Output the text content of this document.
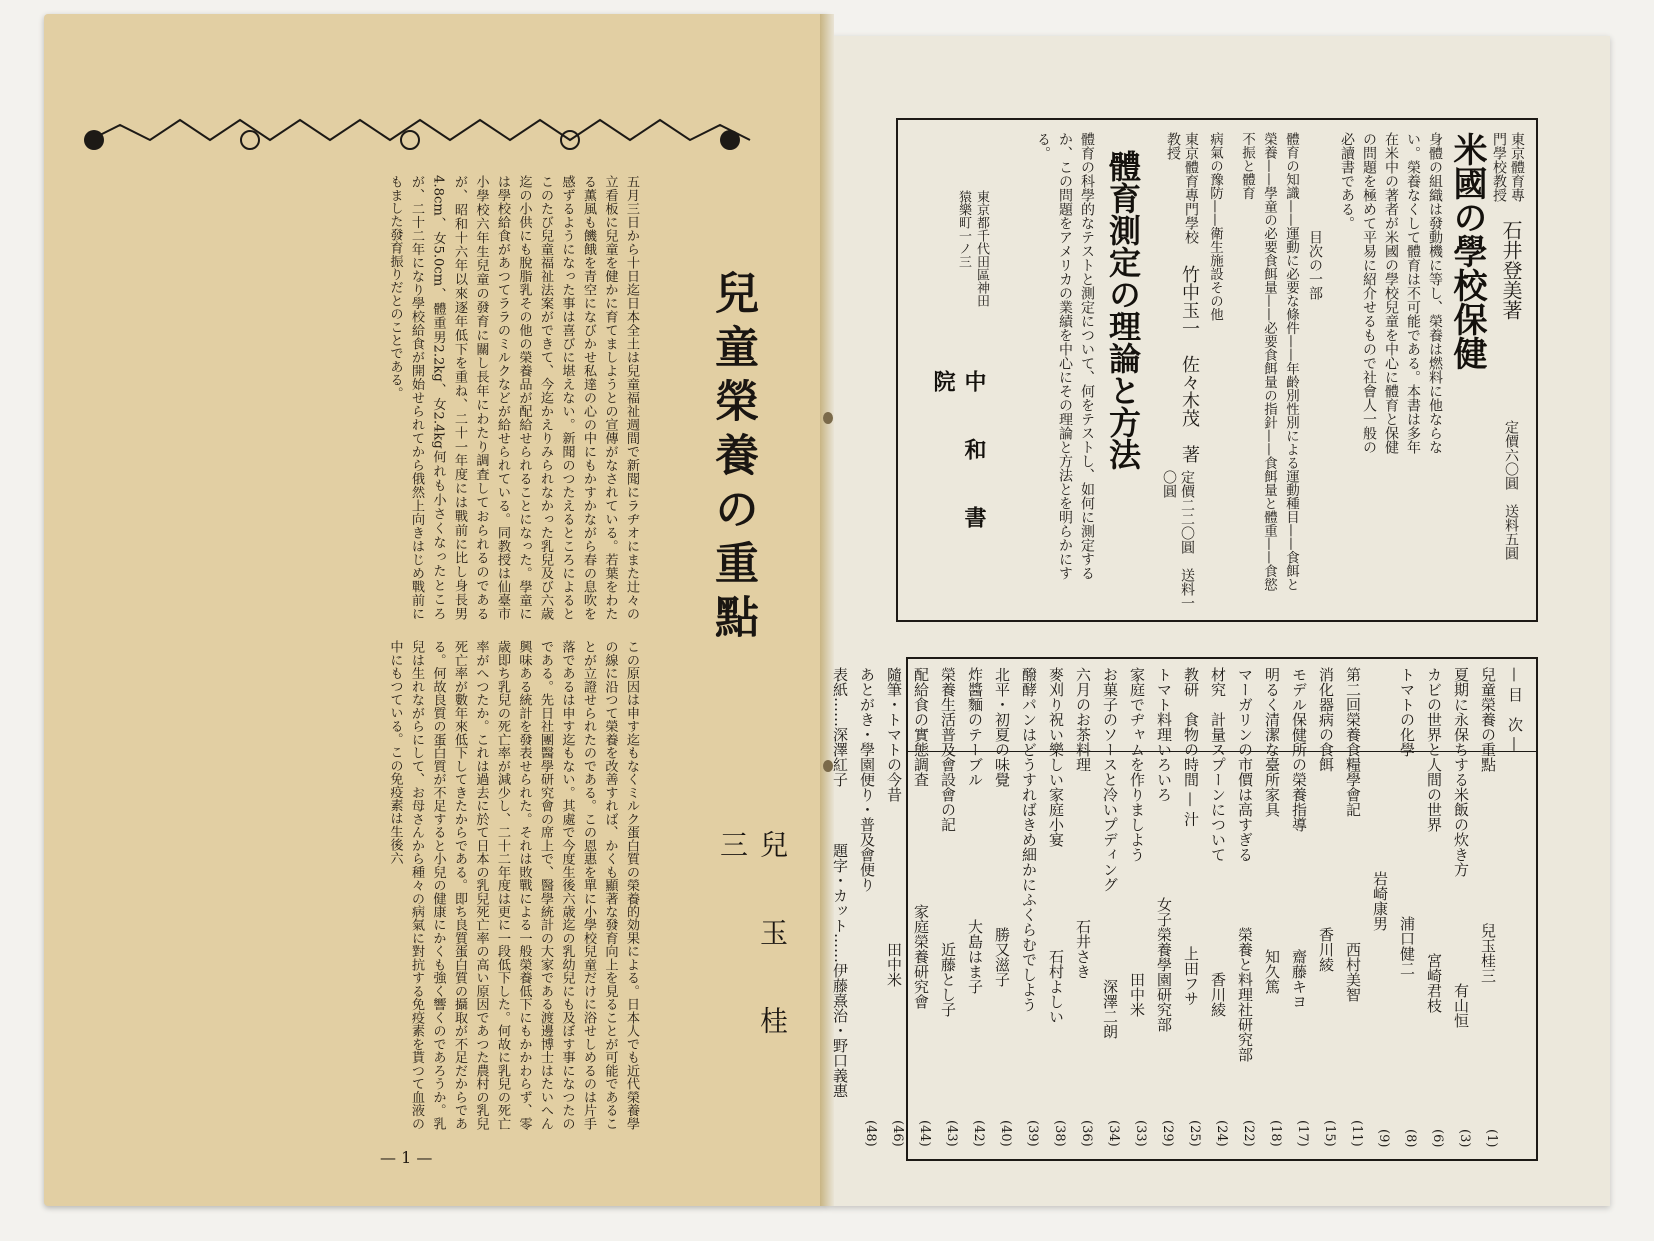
兒童榮養の重點
兒　玉　桂　三
五月三日から十日迄日本全土は兒童福祉週間で新聞にラヂオにまた辻々の立看板に兒童を健かに育てましようとの宣傳がなされている。若葉をわたる薫風も饑餓を青空になびかせ私達の心の中にもかすかながら春の息吹を感ずるようになった事は喜びに堪えない。新聞のつたえるところによるとこのたび兒童福祉法案ができて、今迄かえりみられなかった乳兒及び六歳迄の小供にも脫脂乳その他の榮養品が配給せられることになった。學童には學校給食があつてララのミルクなどが給せられている。同教授は仙臺市小學校六年生兒童の發育に關し長年にわたり調査しておられるのであるが、昭和十六年以來逐年低下を重ね、二十一年度には戰前に比し身長男4.8cm、女5.0cm、體重男2.2kg、女2.4kg何れも小さくなったところが、二十二年になり學校給食が開始せられてから俄然上向きはじめ戰前にもました發育振りだとのことである。
この原因は申す迄もなくミルク蛋白質の榮養的効果による。日本人でも近代榮養學の線に沿つて榮養を改善すれば、かくも顯著な發育向上を見ることが可能であることが立證せられたのである。この恩惠を單に小學校兒童だけに浴せしめるのは片手落であるは申す迄もない。其處で今度生後六歳迄の乳幼兒にも及ぼす事になつたのである。先日社團醫學研究會の席上で、醫學統計の大家である渡邊博士はたいへん興味ある統計を發表せられた。それは敗戰による一般榮養低下にもかかわらず、零歳即ち乳兒の死亡率が減少し、二十二年度は更に一段低下した。何故に乳兒の死亡率がへつたか。これは過去に於て日本の乳兒死亡率の高い原因であつた農村の乳兒死亡率が數年來低下してきたからである。即ち良質蛋白質の攝取が不足だからである。何故良質の蛋白質が不足すると小兒の健康にかくも強く響くのであろうか。乳兒は生れながらにして、お母さんから種々の病氣に對抗する免疫素を貰つて血液の中にもつている。この免疫素は生後六
— 1 —
東京體育專門學校教授
米國の學校保健 石井登美著
定價六〇圓　送料五圓
身體の組織は發動機に等し、榮養は燃料に他ならない。榮養なくして體育は不可能である。本書は多年在米中の著者が米國の學校兒童を中心に體育と保健の問題を極めて平易に紹介せるもので社會人一般の必讀書である。
目次の一部
體育の知識——運動に必要な條件——年齡別性別による運動種目——食餌と榮養——學童の必要食餌量——必要食餌量の指針——食餌量と體重——食慾不振と體育
病氣の豫防——衛生施設その他
東京體育專門學校教授
竹中玉一　佐々木茂　著
定價二二〇圓　送料一〇圓
體育測定の理論と方法
體育の科學的なテストと測定について、何をテストし、如何に測定するか、この問題をアメリカの業績を中心にその理論と方法とを明らかにする。
東京都千代田區神田猿樂町一ノ三
中　和　書　院
— 目　次 —
兒童榮養の重點
兒玉桂三
(1)
夏期に永保ちする米飯の炊き方
有山恒
(3)
カビの世界と人間の世界
宮崎君枝
(6)
トマトの化學
浦口健二
(8)
岩崎康男
(9)
第二回榮養食糧學會記
西村美智
(11)
消化器病の食餌
香川綾
(15)
モデル保健所の榮養指導
齋藤キヨ
(17)
明るく清潔な臺所家具
知久篤
(18)
マーガリンの市價は高すぎる
榮養と料理社研究部
(22)
材究　計量スプーンについて
香川綾
(24)
教研　食物の時間 — 汁
上田フサ
(25)
トマト料理いろいろ
女子榮養學園研究部
(29)
家庭でヂャムを作りましよう
田中米
(33)
お菓子のソースと冷いプディング
深澤二朗
(34)
六月のお茶料理
石井さき
(36)
麥刈り祝い樂しい家庭小宴
石村よしい
(38)
醱酵パンはどうすればきめ細かにふくらむでしよう
(39)
北平・初夏の味覺
勝又滋子
(40)
炸醬麵のテーブル
大島はま子
(42)
榮養生活普及會設會の記
近藤とし子
(43)
配給食の實態調査
家庭榮養研究會
(44)
隨筆・トマトの今昔
田中米
(46)
あとがき・學園便り・普及會便り
(48)
表紙……深澤紅子
題字・カット……伊藤熹治・野口義惠
